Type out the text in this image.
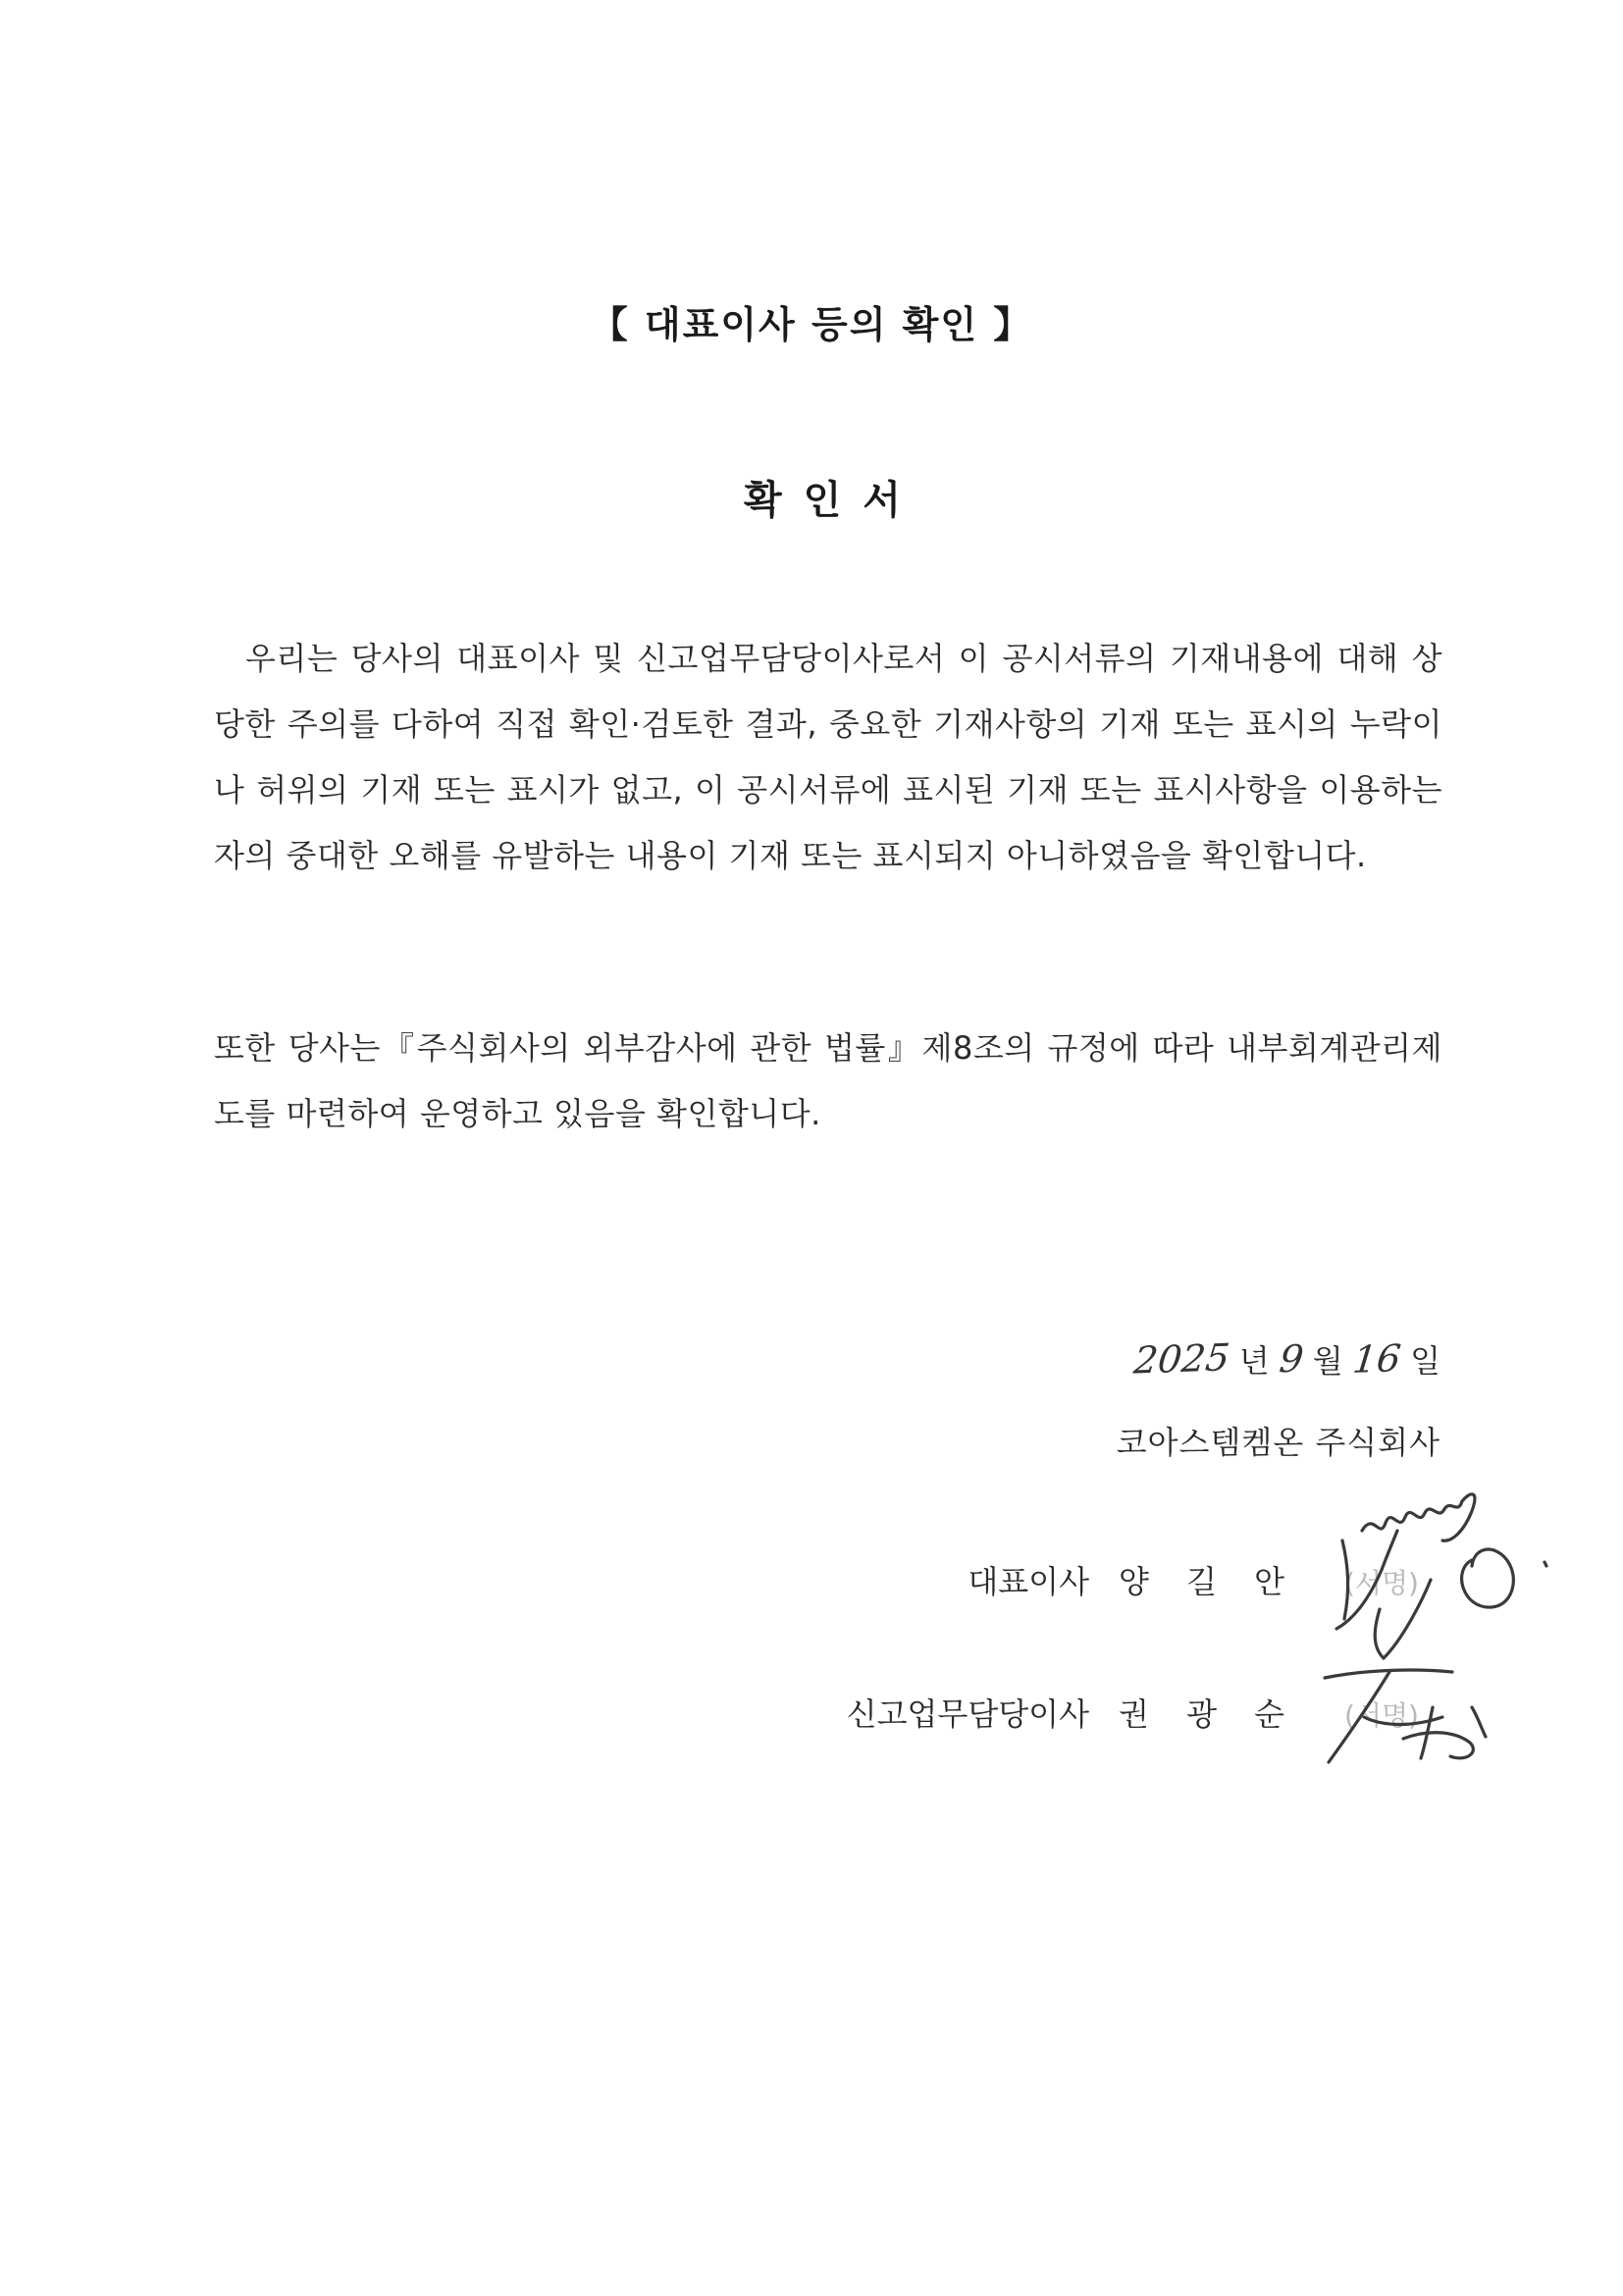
【 대표이사 등의 확인 】
확인서

우리는 당사의 대표이사 및 신고업무담당이사로서 이 공시서류의 기재내용에 대해 상당한 주의를 다하여 직접 확인·검토한 결과, 중요한 기재사항의 기재 또는 표시의 누락이나 허위의 기재 또는 표시가 없고, 이 공시서류에 표시된 기재 또는 표시사항을 이용하는 자의 중대한 오해를 유발하는 내용이 기재 또는 표시되지 아니하였음을 확인합니다.

또한 당사는『주식회사의 외부감사에 관한 법률』제8조의 규정에 따라 내부회계관리제도를 마련하여 운영하고 있음을 확인합니다.

2025 년 9 월 16 일
코아스템켐온 주식회사
대표이사 양 길 안 (서명)
신고업무담당이사 권 광 순 (서명)
